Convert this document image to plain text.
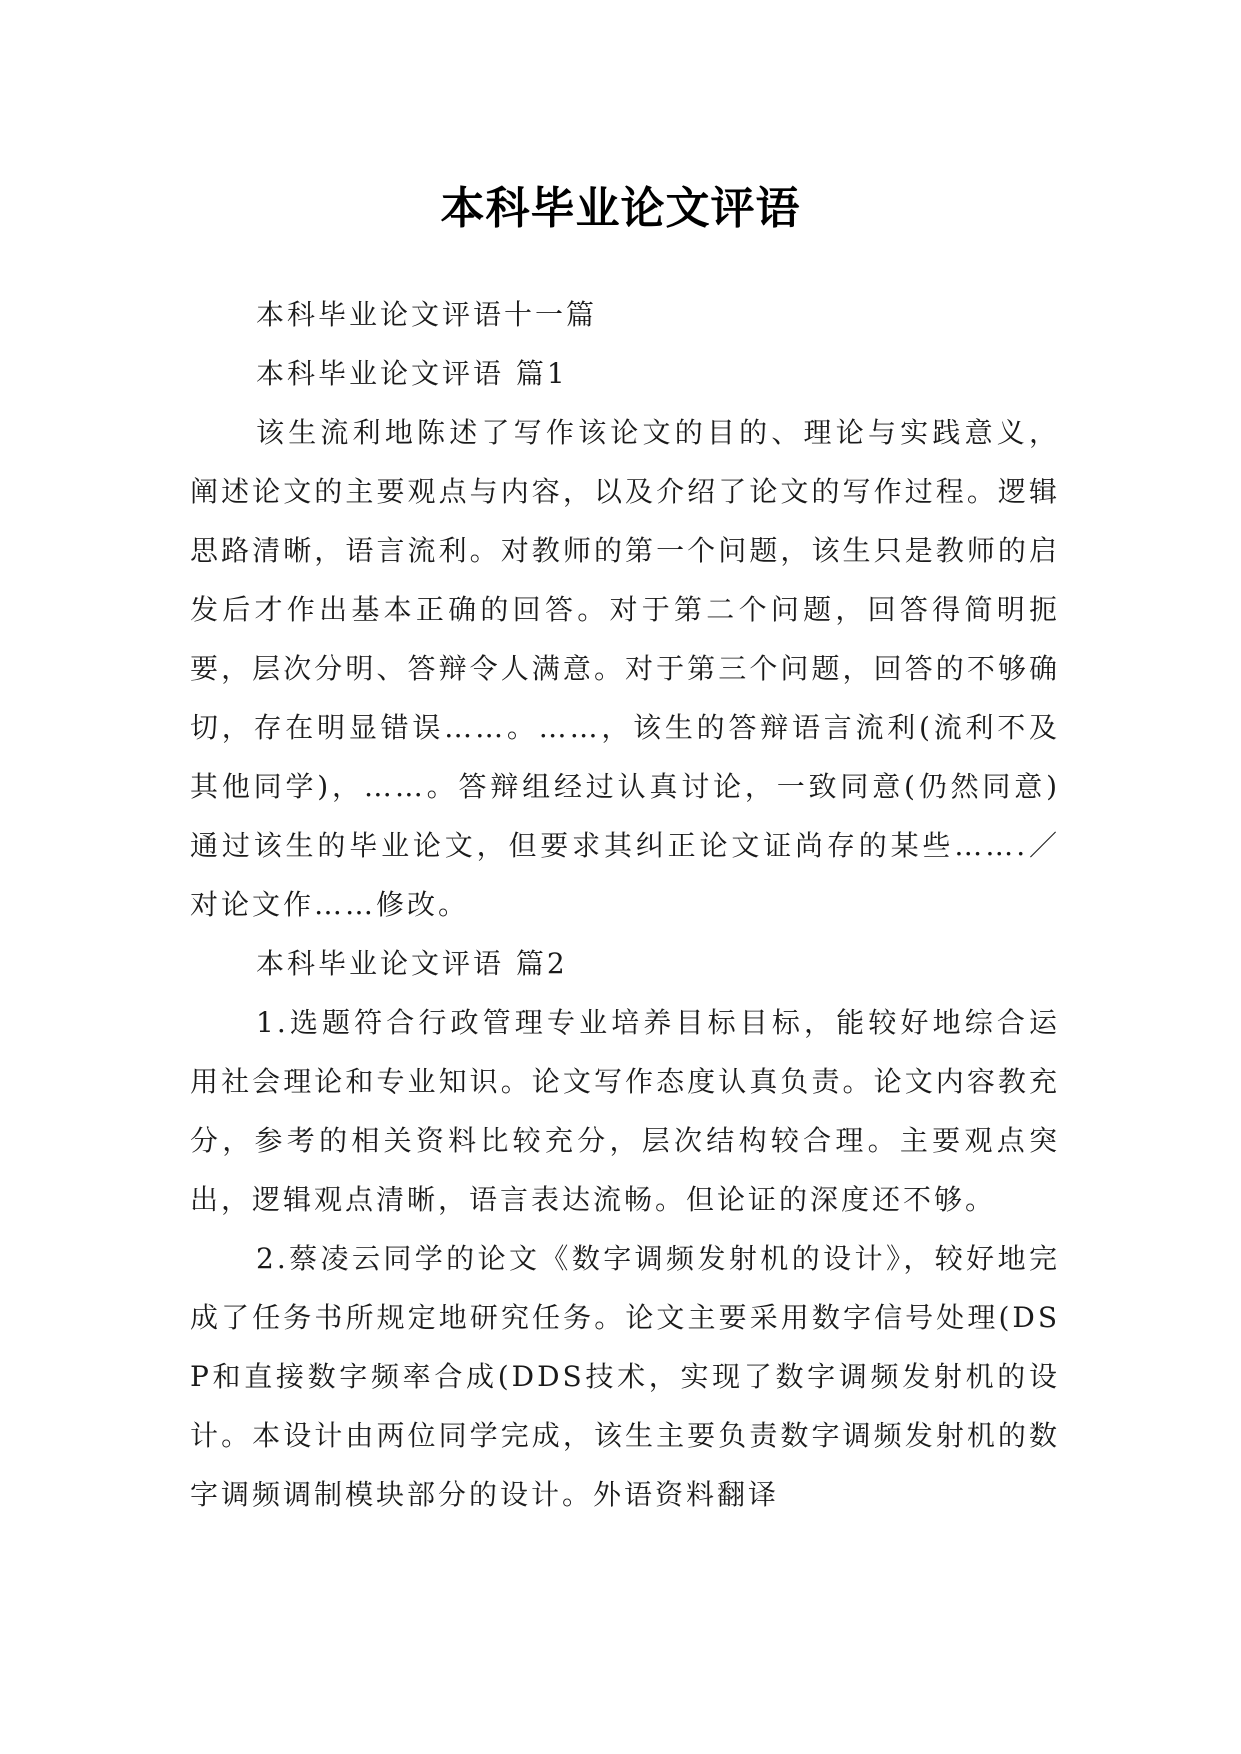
本科毕业论文评语

本科毕业论文评语十一篇

本科毕业论文评语 篇1

该生流利地陈述了写作该论文的目的、理论与实践意义，阐述论文的主要观点与内容，以及介绍了论文的写作过程。逻辑思路清晰，语言流利。对教师的第一个问题，该生只是教师的启发后才作出基本正确的回答。对于第二个问题，回答得简明扼要，层次分明、答辩令人满意。对于第三个问题，回答的不够确切，存在明显错误……。……，该生的答辩语言流利(流利不及其他同学)，……。答辩组经过认真讨论，一致同意(仍然同意)通过该生的毕业论文，但要求其纠正论文证尚存的某些…….／对论文作……修改。

本科毕业论文评语 篇2

1.选题符合行政管理专业培养目标目标，能较好地综合运用社会理论和专业知识。论文写作态度认真负责。论文内容教充分，参考的相关资料比较充分，层次结构较合理。主要观点突出，逻辑观点清晰，语言表达流畅。但论证的深度还不够。

2.蔡凌云同学的论文《数字调频发射机的设计》，较好地完成了任务书所规定地研究任务。论文主要采用数字信号处理(DSP和直接数字频率合成(DDS技术，实现了数字调频发射机的设计。本设计由两位同学完成，该生主要负责数字调频发射机的数字调频调制模块部分的设计。外语资料翻译
